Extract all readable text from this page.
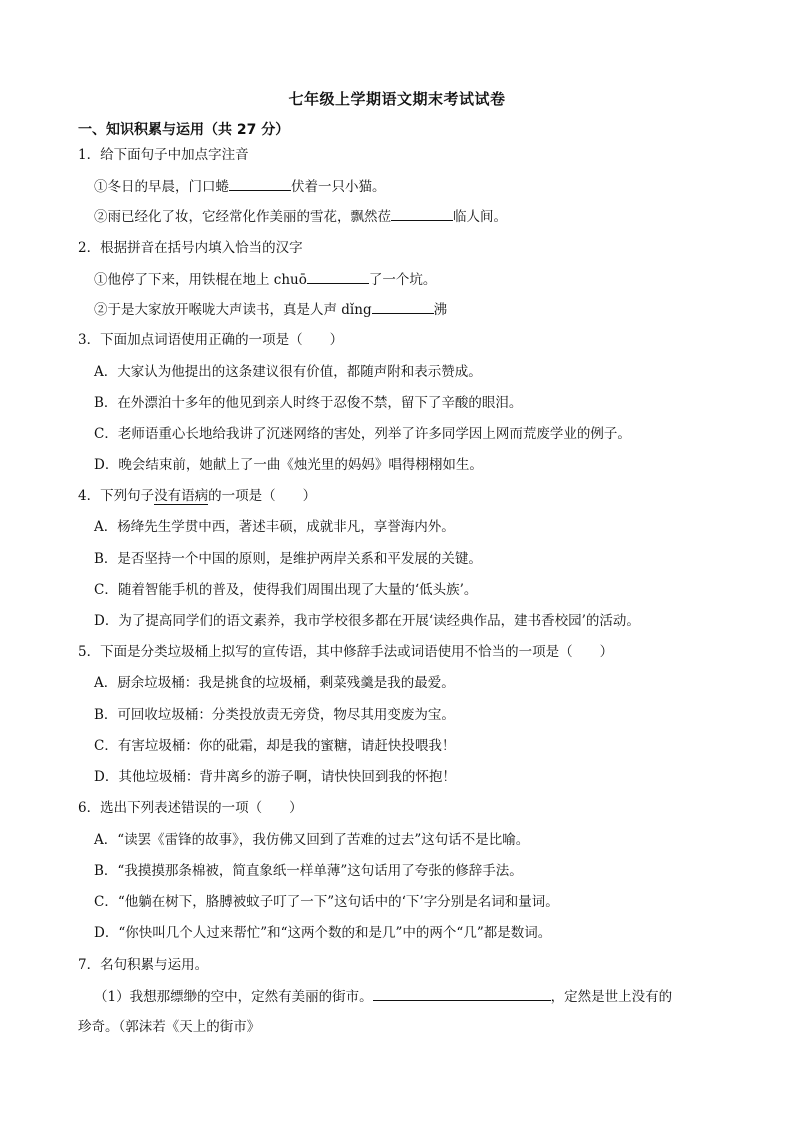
七年级上学期语文期末考试试卷
一、知识积累与运用（共 27 分）
1．给下面句子中加点字注音
①冬日的早晨，门口蜷	伏着一只小猫。
②雨已经化了妆，它经常化作美丽的雪花，飘然莅	临人间。
2．根据拼音在括号内填入恰当的汉字
①他停了下来，用铁棍在地上 chuō	了一个坑。
②于是大家放开喉咙大声读书，真是人声 dǐng	沸
3．下面加点词语使用正确的一项是（　　）
A．大家认为他提出的这条建议很有价值，都随声附和表示赞成。
B．在外漂泊十多年的他见到亲人时终于忍俊不禁，留下了辛酸的眼泪。
C．老师语重心长地给我讲了沉迷网络的害处，列举了许多同学因上网而荒废学业的例子。
D．晚会结束前，她献上了一曲《烛光里的妈妈》唱得栩栩如生。
4．下列句子没有语病的一项是（　　）
A．杨绛先生学贯中西，著述丰硕，成就非凡，享誉海内外。
B．是否坚持一个中国的原则，是维护两岸关系和平发展的关键。
C．随着智能手机的普及，使得我们周围出现了大量的‘低头族’。
D．为了提高同学们的语文素养，我市学校很多都在开展‘读经典作品，建书香校园’的活动。
5．下面是分类垃圾桶上拟写的宣传语，其中修辞手法或词语使用不恰当的一项是（　　）
A．厨余垃圾桶：我是挑食的垃圾桶，剩菜残羹是我的最爱。
B．可回收垃圾桶：分类投放责无旁贷，物尽其用变废为宝。
C．有害垃圾桶：你的砒霜，却是我的蜜糖，请赶快投喂我！
D．其他垃圾桶：背井离乡的游子啊，请快快回到我的怀抱！
6．选出下列表述错误的一项（　　）
A．“读罢《雷锋的故事》，我仿佛又回到了苦难的过去”这句话不是比喻。
B．“我摸摸那条棉被，简直象纸一样单薄”这句话用了夸张的修辞手法。
C．“他躺在树下，胳膊被蚊子叮了一下”这句话中的‘下’字分别是名词和量词。
D．“你快叫几个人过来帮忙”和“这两个数的和是几”中的两个“几”都是数词。
7．名句积累与运用。
（1）我想那缥缈的空中，定然有美丽的街市。	，定然是世上没有的
珍奇。（郭沫若《天上的街市》
